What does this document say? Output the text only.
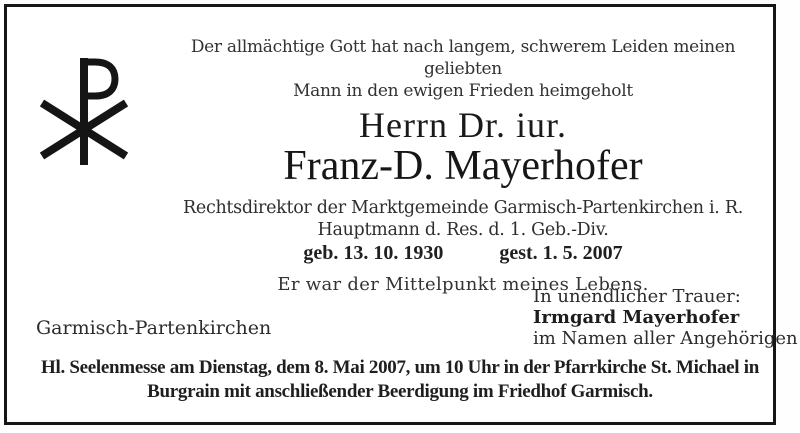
Der allmächtige Gott hat nach langem, schwerem Leiden meinen geliebten
Mann in den ewigen Frieden heimgeholt
Herrn Dr. iur.
Franz-D. Mayerhofer
Rechtsdirektor der Marktgemeinde Garmisch-Partenkirchen i. R.
Hauptmann d. Res. d. 1. Geb.-Div.
geb. 13. 10. 1930	gest. 1. 5. 2007
Er war der Mittelpunkt meines Lebens.
In unendlicher Trauer:
Irmgard Mayerhofer
im Namen aller Angehörigen
Garmisch-Partenkirchen
Hl. Seelenmesse am Dienstag, dem 8. Mai 2007, um 10 Uhr in der Pfarrkirche St. Michael in
Burgrain mit anschließender Beerdigung im Friedhof Garmisch.
